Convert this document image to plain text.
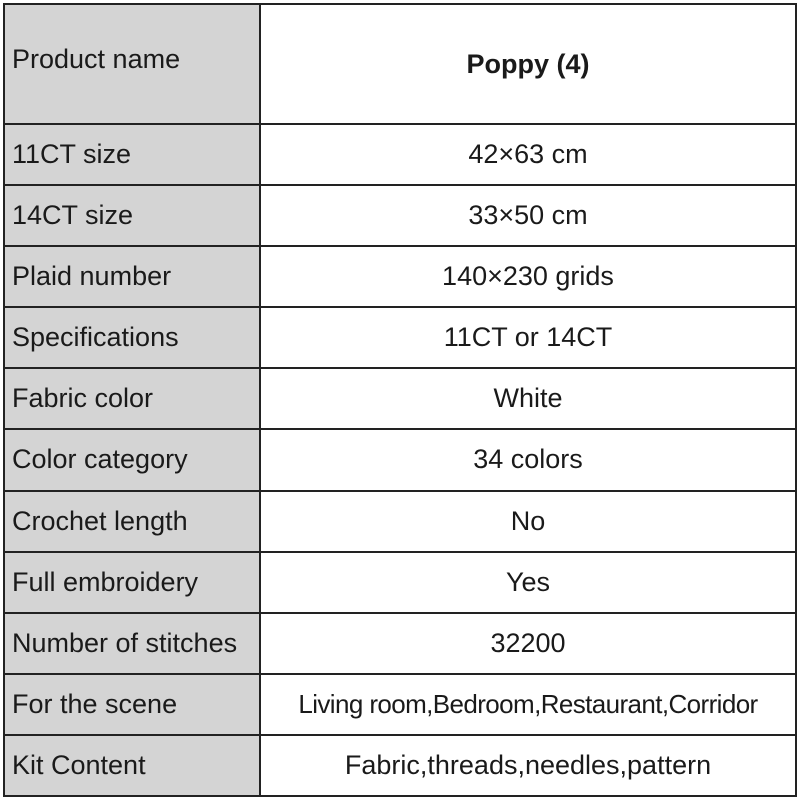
Product name	Poppy (4)
11CT size	42×63 cm
14CT size	33×50 cm
Plaid number	140×230 grids
Specifications	11CT or 14CT
Fabric color	White
Color category	34 colors
Crochet length	No
Full embroidery	Yes
Number of stitches	32200
For the scene	Living room,Bedroom,Restaurant,Corridor
Kit Content	Fabric,threads,needles,pattern
